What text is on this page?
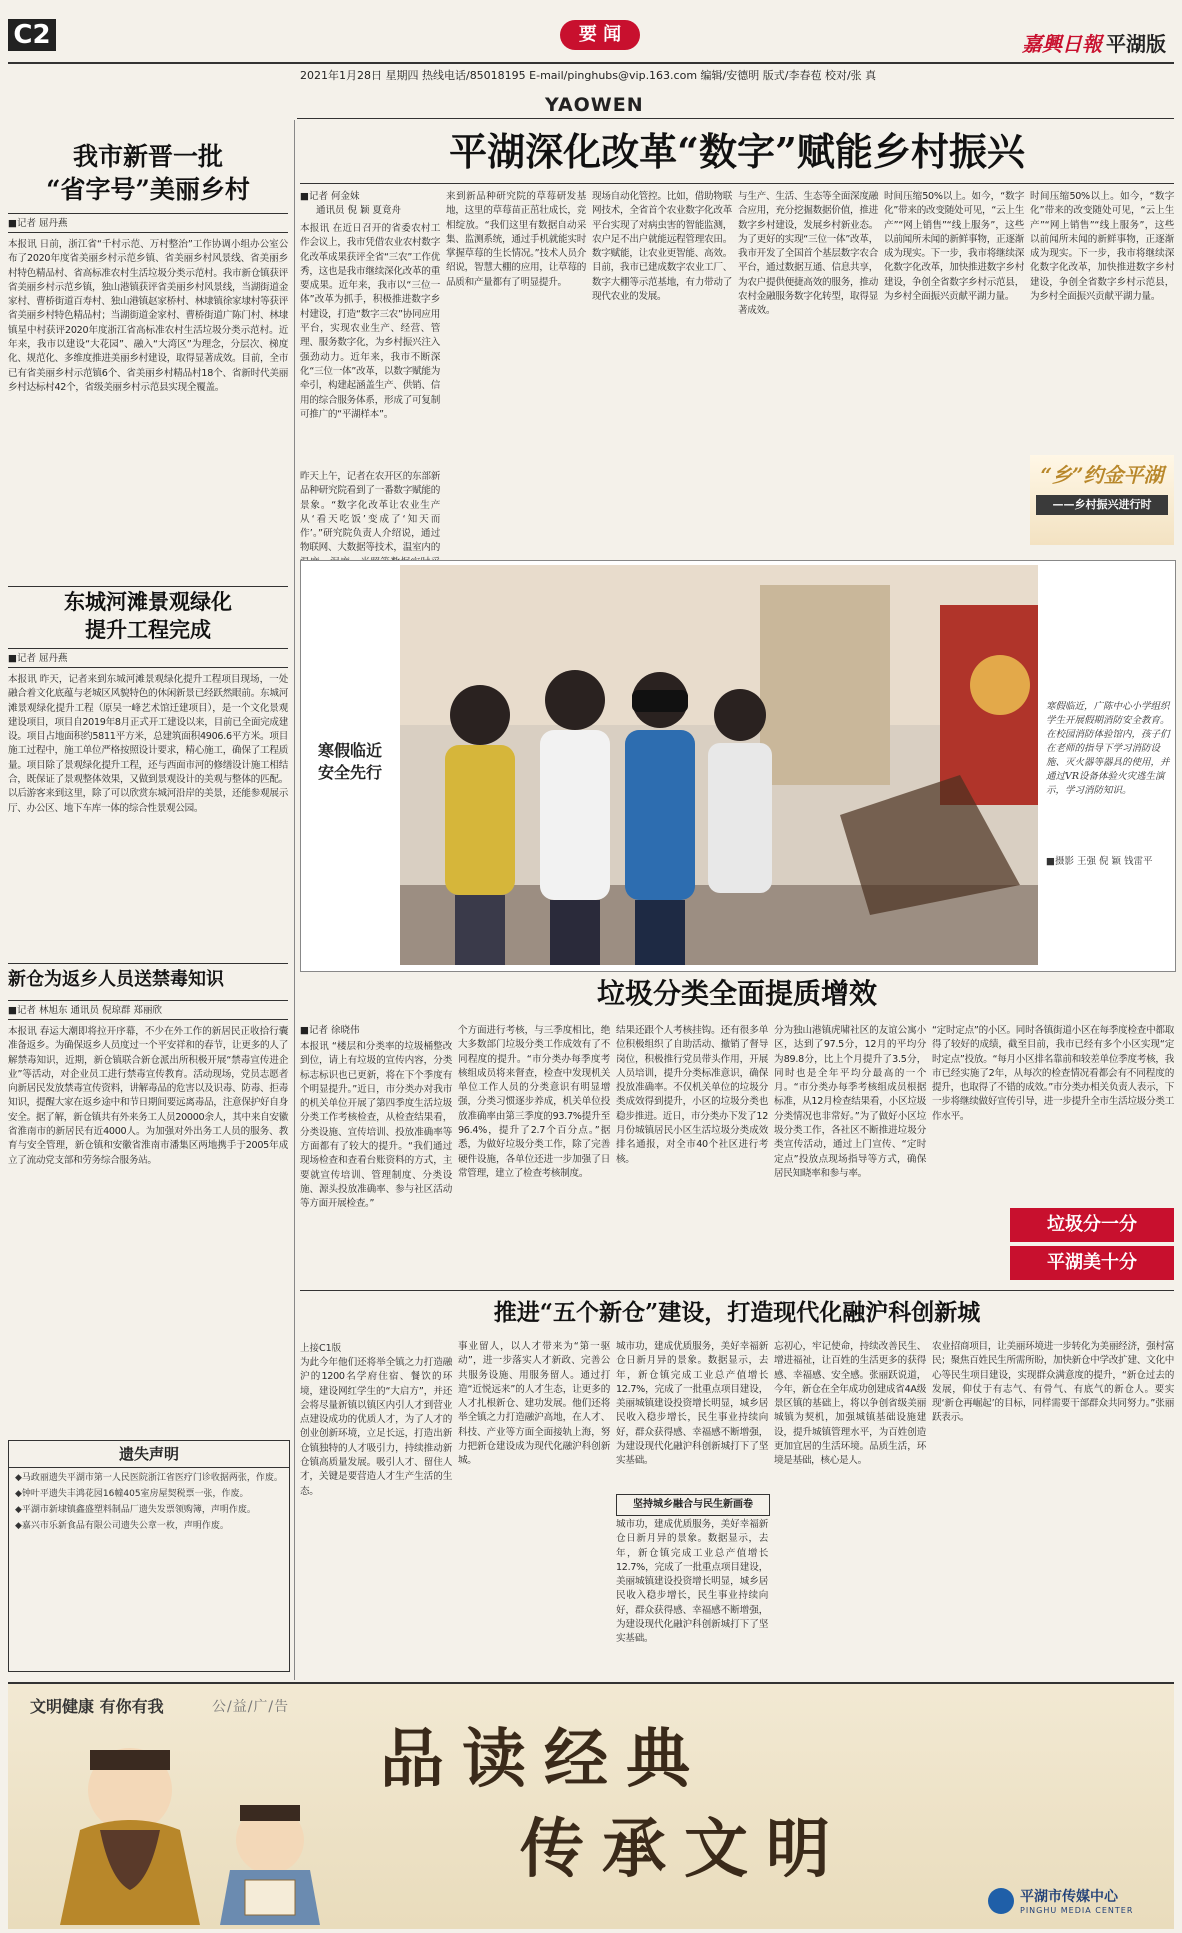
C2	要 闻	嘉興日報 平湖版
2021年1月28日 星期四 热线电话/85018195 E-mail/pinghubs@vip.163.com 编辑/安德明 版式/李春苞 校对/张 真
YAOWEN
我市新晋一批
“省字号”美丽乡村
■记者 屈丹燕
本报讯 日前，浙江省“千村示范、万村整治”工作协调小组办公室公布了2020年度省美丽乡村示范乡镇、省美丽乡村风景线、省美丽乡村特色精品村、省高标准农村生活垃圾分类示范村。我市新仓镇获评省美丽乡村示范乡镇，独山港镇获评省美丽乡村风景线，当湖街道金家村、曹桥街道百寿村、独山港镇赵家桥村、林埭镇徐家埭村等获评省美丽乡村特色精品村；当湖街道金家村、曹桥街道广陈门村、林埭镇星中村获评2020年度浙江省高标准农村生活垃圾分类示范村。近年来，我市以建设“大花园”、融入“大湾区”为理念，分层次、梯度化、规范化、多维度推进美丽乡村建设，取得显著成效。目前，全市已有省美丽乡村示范镇6个、省美丽乡村精品村18个、省新时代美丽乡村达标村42个，省级美丽乡村示范县实现全覆盖。
东城河滩景观绿化
提升工程完成
■记者 屈丹燕
本报讯 昨天，记者来到东城河滩景观绿化提升工程项目现场，一处融合着文化底蕴与老城区风貌特色的休闲新景已经跃然眼前。东城河滩景观绿化提升工程（原吴一峰艺术馆迁建项目），是一个文化景观建设项目，项目自2019年8月正式开工建设以来，目前已全面完成建设。项目占地面积约5811平方米，总建筑面积4906.6平方米。项目施工过程中，施工单位严格按照设计要求，精心施工，确保了工程质量。项目除了景观绿化提升工程，还与西面市河的修缮设计施工相结合，既保证了景观整体效果，又做到景观设计的美观与整体的匹配。以后游客来到这里，除了可以欣赏东城河沿岸的美景，还能参观展示厅、办公区、地下车库一体的综合性景观公园。
新仓为返乡人员送禁毒知识
■记者 林旭东 通讯员 倪琼群 郑丽欣
本报讯 春运大潮即将拉开序幕，不少在外工作的新居民正收拾行囊准备返乡。为确保返乡人员度过一个平安祥和的春节，让更多的人了解禁毒知识，近期，新仓镇联合新仓派出所积极开展“禁毒宣传进企业”等活动，对企业员工进行禁毒宣传教育。活动现场，党员志愿者向新居民发放禁毒宣传资料，讲解毒品的危害以及识毒、防毒、拒毒知识，提醒大家在返乡途中和节日期间要远离毒品，注意保护好自身安全。据了解，新仓镇共有外来务工人员20000余人，其中来自安徽省淮南市的新居民有近4000人。为加强对外出务工人员的服务、教育与安全管理，新仓镇和安徽省淮南市潘集区两地携手于2005年成立了流动党支部和劳务综合服务站。
遗失声明
◆马政丽遗失平湖市第一人民医院浙江省医疗门诊收据两张，作废。
◆钟叶平遗失丰鸿花园16幢405室房屋契税票一张，作废。
◆平湖市新埭镇鑫盛塑料制品厂遗失发票领购簿，声明作废。
◆嘉兴市乐新食品有限公司遗失公章一枚，声明作废。
平湖深化改革“数字”赋能乡村振兴
■记者 何金妹
通讯员 倪 颖 夏竟舟
本报讯 在近日召开的省委农村工作会议上，我市凭借农业农村数字化改革成果获评全省“三农”工作优秀，这也是我市继续深化改革的重要成果。近年来，我市以“三位一体”改革为抓手，积极推进数字乡村建设，打造“数字三农”协同应用平台，实现农业生产、经营、管理、服务数字化，为乡村振兴注入强劲动力。近年来，我市不断深化“三位一体”改革，以数字赋能为牵引，构建起涵盖生产、供销、信用的综合服务体系，形成了可复制可推广的“平湖样本”。
昨天上午，记者在农开区的东部新品种研究院看到了一番数字赋能的景象。“数字化改革让农业生产从‘看天吃饭’变成了‘知天而作’。”研究院负责人介绍说，通过物联网、大数据等技术，温室内的
来到新品种研究院的草莓研发基地，这里的草莓苗正茁壮成长，竞相绽放。“我们这里有数据自动采集、监测系统，通过手机就能实时掌握草莓的生长情况。”技术人员介绍说，智慧大棚的应用，让草莓的品质和产量都有了明显提升。
现场自动化管控。比如，借助物联网技术，全省首个农业数字化改革平台实现了对病虫害的智能监测，农户足不出户就能远程管理农田。数字赋能，让农业更智能、高效。目前，我市已建成数字农业工厂、数字大棚等示范基地，有力带动了现代农业的发展。
与生产、生活、生态等全面深度融合应用，充分挖掘数据价值，推进数字乡村建设，发展乡村新业态。为了更好的实现“三位一体”改革，我市开发了全国首个基层数字农合平台，通过数据互通、信息共享，为农户提供便捷高效的服务，推动农村金融服务数字化转型，取得显著成效。
时间压缩50%以上。如今，“数字化”带来的改变随处可见，“云上生产”“网上销售”“线上服务”，这些以前闻所未闻的新鲜事物，正逐渐成为现实。下一步，我市将继续深化数字化改革，加快推进数字乡村建设，争创全省数字乡村示范县，为乡村全面振兴贡献平湖力量。
时间压缩50%以上。如今，“数字化”带来的改变随处可见，“云上生产”“网上销售”“线上服务”，这些以前闻所未闻的新鲜事物，正逐渐成为现实。下一步，我市将继续深化数字化改革，加快推进数字乡村建设，争创全省数字乡村示范县，为乡村全面振兴贡献平湖力量。
“乡”约金平湖
——乡村振兴进行时
寒假临近
安全先行
寒假临近，广陈中心小学组织学生开展假期消防安全教育。在校园消防体验馆内，孩子们在老师的指导下学习消防设施、灭火器等器具的使用，并通过VR设备体验火灾逃生演示，学习消防知识。
■摄影 王强 倪 颖 钱雷平
垃圾分类全面提质增效
■记者 徐晓伟
本报讯 “楼层和分类率的垃圾桶整改到位，请上有垃圾的宣传内容，分类标志标识也已更新，将在下个季度有个明显提升。”近日，市分类办对我市的机关单位开展了第四季度生活垃圾分类工作考核检查，从检查结果看，分类设施、宣传培训、投放准确率等方面都有了较大的提升。“我们通过现场检查和查看台账资料的方式，主要就宣传培训、管理制度、分类设施、源头投放准确率、参与社区活动等方面开展检查。”
个方面进行考核，与三季度相比，绝大多数部门垃圾分类工作成效有了不同程度的提升。“市分类办每季度考核组成员将来督查，检查中发现机关单位工作人员的分类意识有明显增强，分类习惯逐步养成，机关单位投放准确率由第三季度的93.7%提升至96.4%，提升了2.7个百分点。”据悉，为做好垃圾分类工作，除了完善硬件设施，各单位还进一步加强了日常管理，建立了检查考核制度。
结果还跟个人考核挂钩。还有很多单位积极组织了自助活动、撤销了督导岗位，积极推行党员带头作用，开展人员培训，提升分类标准意识，确保投放准确率。不仅机关单位的垃圾分类成效得到提升，小区的垃圾分类也稳步推进。近日，市分类办下发了12月份城镇居民小区生活垃圾分类成效排名通报，对全市40个社区进行考核。
分为独山港镇虎啸社区的友谊公寓小区，达到了97.5分，12月的平均分为89.8分，比上个月提升了3.5分，同时也是全年平均分最高的一个月。“市分类办每季考核组成员根据标准，从12月检查结果看，小区垃圾分类情况也非常好。”为了做好小区垃圾分类工作，各社区不断推进垃圾分类宣传活动，通过上门宣传、“定时定点”投放点现场指导等方式，确保居民知晓率和参与率。
“定时定点”的小区。同时各镇街道小区在每季度检查中都取得了较好的成绩，截至目前，我市已经有多个小区实现“定时定点”投放。“每月小区排名靠前和较差单位季度考核，我市已经实施了2年，从每次的检查情况看都会有不同程度的提升，也取得了不错的成效。”市分类办相关负责人表示，下一步将继续做好宣传引导，进一步提升全市生活垃圾分类工作水平。
垃圾分一分
平湖美十分
推进“五个新仓”建设，打造现代化融沪科创新城
上接C1版
为此今年他们还将举全镇之力打造融沪的1200名学府住宿、餐饮的环境，建设网红学生的“大启方”，并还会将尽量新镇以镇区内引人才到营业点建设成功的优质人才，为了人才的创业创新环境，立足长远，打造出新仓镇独特的人才吸引力，持续推动新仓镇高质量发展。吸引人才、留住人才，关键是要营造人才生产生活的生态。
事业留人，以人才带来为“第一驱动”，进一步落实人才新政、完善公共服务设施、用服务留人。通过打造“近悦远来”的人才生态，让更多的人才扎根新仓、建功发展。他们还将举全镇之力打造融沪高地，在人才、科技、产业等方面全面接轨上海，努力把新仓建设成为现代化融沪科创新城。
城市功，建成优质服务，美好幸福新仓日新月异的景象。数据显示，去年，新仓镇完成工业总产值增长12.7%，完成了一批重点项目建设，美丽城镇建设投资增长明显，城乡居民收入稳步增长，民生事业持续向好，群众获得感、幸福感不断增强，为建设现代化融沪科创新城打下了坚实基础。
坚持城乡融合与民生新画卷
城市功，建成优质服务，美好幸福新仓日新月异的景象。数据显示，去年，新仓镇完成工业总产值增长12.7%，完成了一批重点项目建设，美丽城镇建设投资增长明显，城乡居民收入稳步增长，民生事业持续向好，群众获得感、幸福感不断增强，为建设现代化融沪科创新城打下了坚实基础。
忘初心，牢记使命，持续改善民生、增进福祉，让百姓的生活更多的获得感、幸福感、安全感。张丽跃说道，今年，新仓在全年成功创建成省4A级景区镇的基础上，将以争创省级美丽城镇为契机，加强城镇基础设施建设，提升城镇管理水平，为百姓创造更加宜居的生活环境。品质生活，环境是基础，核心是人。
农业招商项目，让美丽环境进一步转化为美丽经济，强村富民；聚焦百姓民生所需所盼，加快新仓中学改扩建、文化中心等民生项目建设，实现群众满意度的提升，“新仓过去的发展，仰仗于有志气、有骨气、有底气的新仓人。要实现‘新仓再崛起’的目标，同样需要干部群众共同努力。”张丽跃表示。
文明健康 有你有我	公/益/广/告
品读经典
传承文明
平湖市传媒中心
PINGHU MEDIA CENTER
